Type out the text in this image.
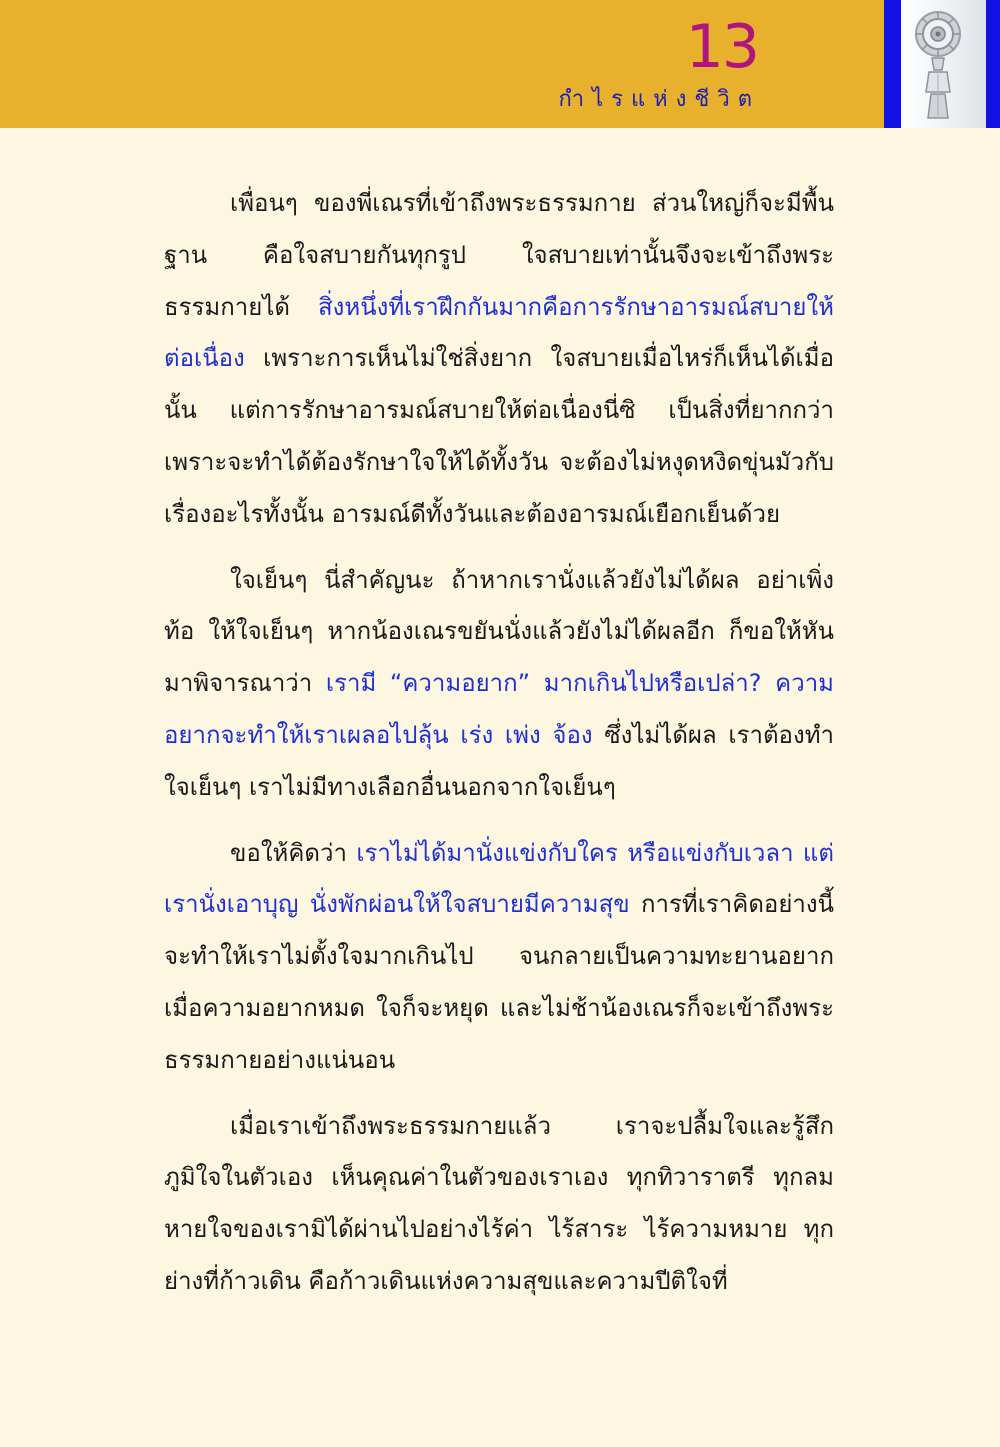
13
กำไรแห่งชีวิต

เพื่อนๆ ของพี่เณรที่เข้าถึงพระธรรมกาย ส่วนใหญ่ก็จะมีพื้นฐาน คือใจสบายกันทุกรูป ใจสบายเท่านั้นจึงจะเข้าถึงพระธรรมกายได้ สิ่งหนึ่งที่เราฝึกกันมากคือการรักษาอารมณ์สบายให้ต่อเนื่อง เพราะการเห็นไม่ใช่สิ่งยาก ใจสบายเมื่อไหร่ก็เห็นได้เมื่อนั้น แต่การรักษาอารมณ์สบายให้ต่อเนื่องนี่ซิ เป็นสิ่งที่ยากกว่า เพราะจะทำได้ต้องรักษาใจให้ได้ทั้งวัน จะต้องไม่หงุดหงิดขุ่นมัวกับเรื่องอะไรทั้งนั้น อารมณ์ดีทั้งวันและต้องอารมณ์เยือกเย็นด้วย

ใจเย็นๆ นี่สำคัญนะ ถ้าหากเรานั่งแล้วยังไม่ได้ผล อย่าเพิ่งท้อ ให้ใจเย็นๆ หากน้องเณรขยันนั่งแล้วยังไม่ได้ผลอีก ก็ขอให้หันมาพิจารณาว่า เรามี “ความอยาก” มากเกินไปหรือเปล่า? ความอยากจะทำให้เราเผลอไปลุ้น เร่ง เพ่ง จ้อง ซึ่งไม่ได้ผล เราต้องทำใจเย็นๆ เราไม่มีทางเลือกอื่นนอกจากใจเย็นๆ

ขอให้คิดว่า เราไม่ได้มานั่งแข่งกับใคร หรือแข่งกับเวลา แต่เรานั่งเอาบุญ นั่งพักผ่อนให้ใจสบายมีความสุข การที่เราคิดอย่างนี้จะทำให้เราไม่ตั้งใจมากเกินไป จนกลายเป็นความทะยานอยาก เมื่อความอยากหมด ใจก็จะหยุด และไม่ช้าน้องเณรก็จะเข้าถึงพระธรรมกายอย่างแน่นอน

เมื่อเราเข้าถึงพระธรรมกายแล้ว เราจะปลื้มใจและรู้สึกภูมิใจในตัวเอง เห็นคุณค่าในตัวของเราเอง ทุกทิวาราตรี ทุกลมหายใจของเรามิได้ผ่านไปอย่างไร้ค่า ไร้สาระ ไร้ความหมาย ทุกย่างที่ก้าวเดิน คือก้าวเดินแห่งความสุขและความปีติใจที่
